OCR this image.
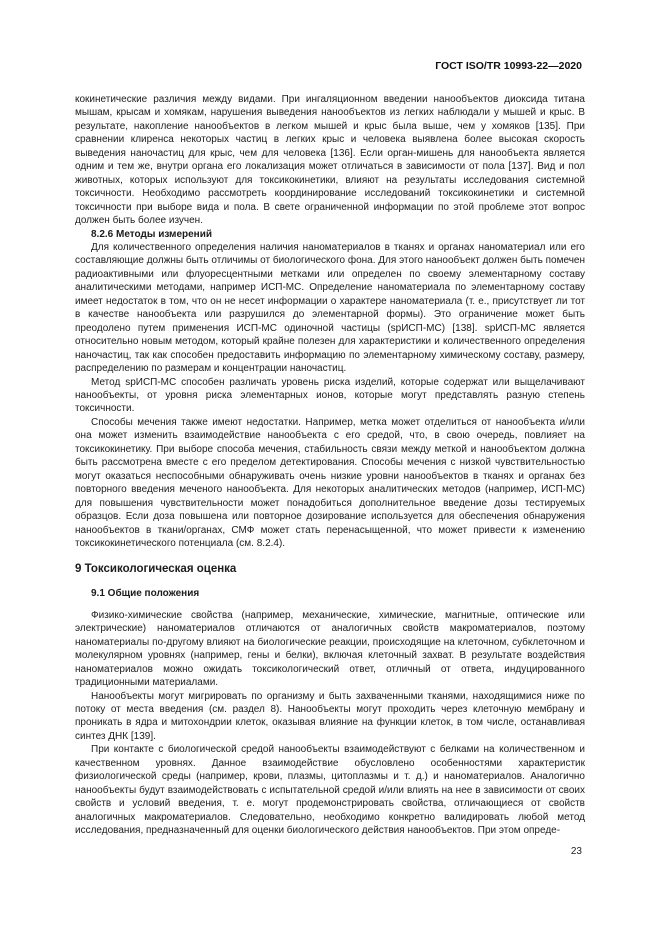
ГОСТ ISO/TR 10993-22—2020

кокинетические различия между видами. При ингаляционном введении нанообъектов диоксида титана мышам, крысам и хомякам, нарушения выведения нанообъектов из легких наблюдали у мышей и крыс. В результате, накопление нанообъектов в легком мышей и крыс была выше, чем у хомяков [135]. При сравнении клиренса некоторых частиц в легких крыс и человека выявлена более высокая скорость выведения наночастиц для крыс, чем для человека [136]. Если орган-мишень для нанообъекта является одним и тем же, внутри органа его локализация может отличаться в зависимости от пола [137]. Вид и пол животных, которых используют для токсикокинетики, влияют на результаты исследования системной токсичности. Необходимо рассмотреть координирование исследований токсикокинетики и системной токсичности при выборе вида и пола. В свете ограниченной информации по этой проблеме этот вопрос должен быть более изучен.

8.2.6 Методы измерений

Для количественного определения наличия наноматериалов в тканях и органах наноматериал или его составляющие должны быть отличимы от биологического фона. Для этого нанообъект должен быть помечен радиоактивными или флуоресцентными метками или определен по своему элементарному составу аналитическими методами, например ИСП-МС. Определение наноматериала по элементарному составу имеет недостаток в том, что он не несет информации о характере наноматериала (т. е., присутствует ли тот в качестве нанообъекта или разрушился до элементарной формы). Это ограничение может быть преодолено путем применения ИСП-МС одиночной частицы (spИСП-МС) [138]. spИСП-МС является относительно новым методом, который крайне полезен для характеристики и количественного определения наночастиц, так как способен предоставить информацию по элементарному химическому составу, размеру, распределению по размерам и концентрации наночастиц.

Метод spИСП-МС способен различать уровень риска изделий, которые содержат или выщелачивают нанообъекты, от уровня риска элементарных ионов, которые могут представлять разную степень токсичности.

Способы мечения также имеют недостатки. Например, метка может отделиться от нанообъекта и/или она может изменить взаимодействие нанообъекта с его средой, что, в свою очередь, повлияет на токсикокинетику. При выборе способа мечения, стабильность связи между меткой и нанообъектом должна быть рассмотрена вместе с его пределом детектирования. Способы мечения с низкой чувствительностью могут оказаться неспособными обнаруживать очень низкие уровни нанообъектов в тканях и органах без повторного введения меченого нанообъекта. Для некоторых аналитических методов (например, ИСП-МС) для повышения чувствительности может понадобиться дополнительное введение дозы тестируемых образцов. Если доза повышена или повторное дозирование используется для обеспечения обнаружения нанообъектов в ткани/органах, СМФ может стать перенасыщенной, что может привести к изменению токсикокинетического потенциала (см. 8.2.4).

9 Токсикологическая оценка
9.1 Общие положения

Физико-химические свойства (например, механические, химические, магнитные, оптические или электрические) наноматериалов отличаются от аналогичных свойств макроматериалов, поэтому наноматериалы по-другому влияют на биологические реакции, происходящие на клеточном, субклеточном и молекулярном уровнях (например, гены и белки), включая клеточный захват. В результате воздействия наноматериалов можно ожидать токсикологический ответ, отличный от ответа, индуцированного традиционными материалами.

Нанообъекты могут мигрировать по организму и быть захваченными тканями, находящимися ниже по потоку от места введения (см. раздел 8). Нанообъекты могут проходить через клеточную мембрану и проникать в ядра и митохондрии клеток, оказывая влияние на функции клеток, в том числе, останавливая синтез ДНК [139].

При контакте с биологической средой нанообъекты взаимодействуют с белками на количественном и качественном уровнях. Данное взаимодействие обусловлено особенностями характеристик физиологической среды (например, крови, плазмы, цитоплазмы и т. д.) и наноматериалов. Аналогично нанообъекты будут взаимодействовать с испытательной средой и/или влиять на нее в зависимости от своих свойств и условий введения, т. е. могут продемонстрировать свойства, отличающиеся от свойств аналогичных макроматериалов. Следовательно, необходимо конкретно валидировать любой метод исследования, предназначенный для оценки биологического действия нанообъектов. При этом опреде-

23
